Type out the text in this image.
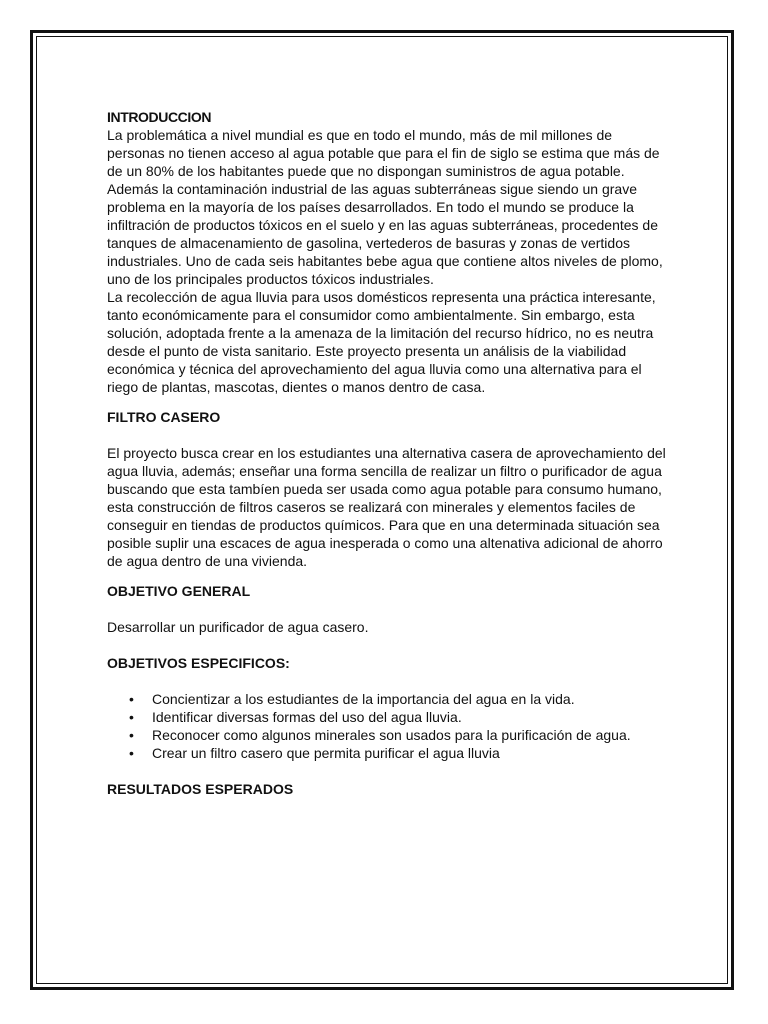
INTRODUCCION

La problemática a nivel mundial es que en todo el mundo, más de mil millones de personas no tienen acceso al agua potable que para el fin de siglo se estima que más de de un 80% de los habitantes puede que no dispongan suministros de agua potable.

Además la contaminación industrial de las aguas subterráneas sigue siendo un grave problema en la mayoría de los países desarrollados. En todo el mundo se produce la infiltración de productos tóxicos en el suelo y en las aguas subterráneas, procedentes de tanques de almacenamiento de gasolina, vertederos de basuras y zonas de vertidos industriales. Uno de cada seis habitantes bebe agua que contiene altos niveles de plomo, uno de los principales productos tóxicos industriales.

La recolección de agua lluvia para usos domésticos representa una práctica interesante, tanto económicamente para el consumidor como ambientalmente. Sin embargo, esta solución, adoptada frente a la amenaza de la limitación del recurso hídrico, no es neutra desde el punto de vista sanitario. Este proyecto presenta un análisis de la viabilidad económica y técnica del aprovechamiento del agua lluvia como una alternativa para el riego de plantas, mascotas, dientes o manos dentro de casa.

FILTRO CASERO

El proyecto busca crear en los estudiantes una alternativa casera de aprovechamiento del agua lluvia, además; enseñar una forma sencilla de realizar un filtro o purificador de agua buscando que esta tambíen pueda ser usada como agua potable para consumo humano, esta construcción de filtros caseros se realizará con minerales y elementos faciles de conseguir en tiendas de productos químicos. Para que en una determinada situación sea posible suplir una escaces de agua inesperada o como una altenativa adicional de ahorro de agua dentro de una vivienda.

OBJETIVO GENERAL

Desarrollar un purificador de agua casero.

OBJETIVOS ESPECIFICOS:

• Concientizar a los estudiantes de la importancia del agua en la vida.
• Identificar diversas formas del uso del agua lluvia.
• Reconocer como algunos minerales son usados para la purificación de agua.
• Crear un filtro casero que permita purificar el agua lluvia

RESULTADOS ESPERADOS
